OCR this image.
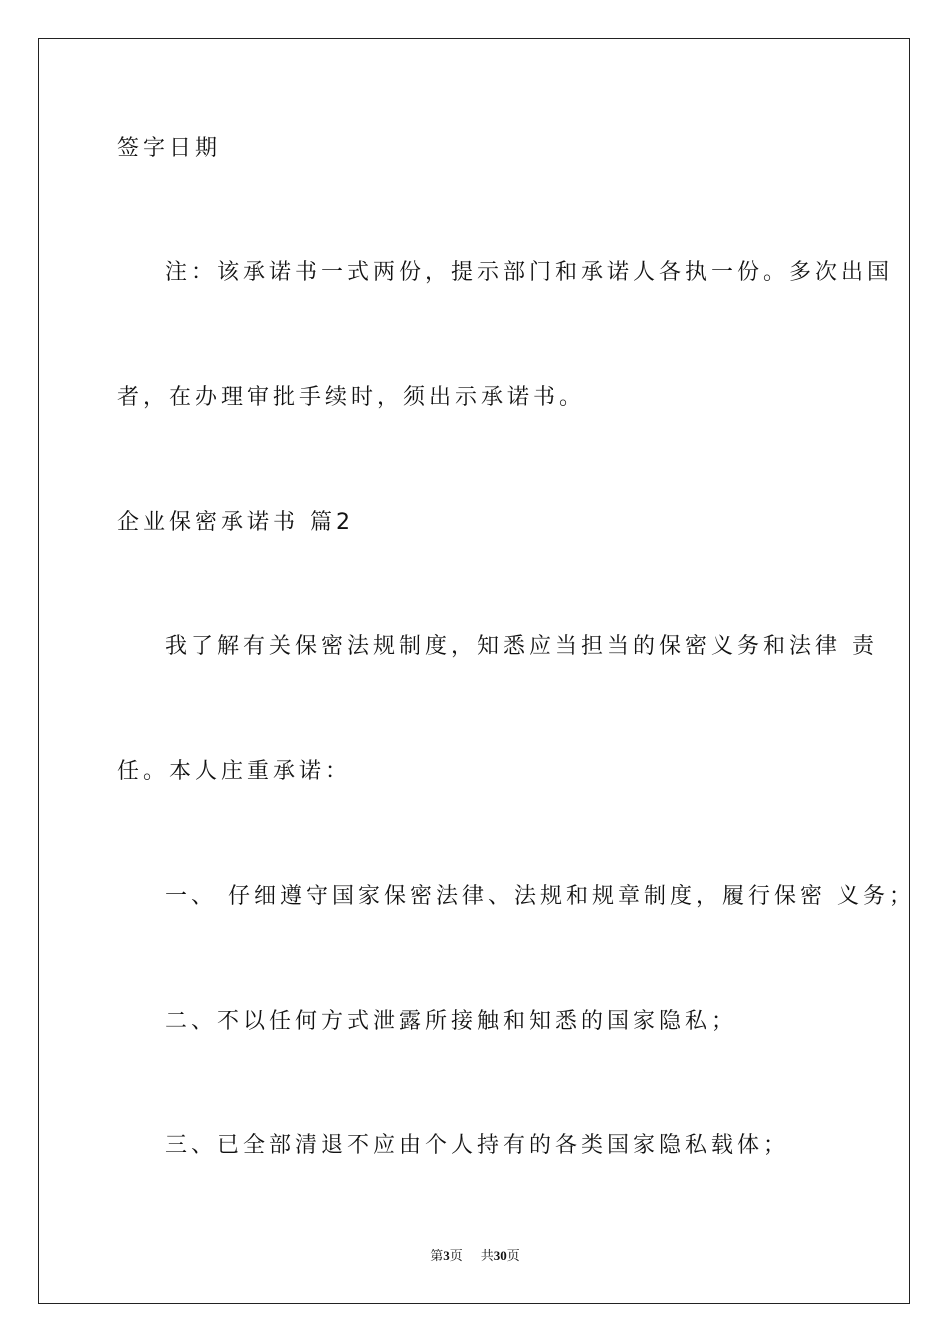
签字日期
注：该承诺书一式两份，提示部门和承诺人各执一份。多次出国
者，在办理审批手续时，须出示承诺书。
企业保密承诺书 篇2
我了解有关保密法规制度，知悉应当担当的保密义务和法律 责
任。本人庄重承诺：
一、 仔细遵守国家保密法律、法规和规章制度，履行保密 义务；
二、不以任何方式泄露所接触和知悉的国家隐私；
三、已全部清退不应由个人持有的各类国家隐私载体；
第3页 共30页
